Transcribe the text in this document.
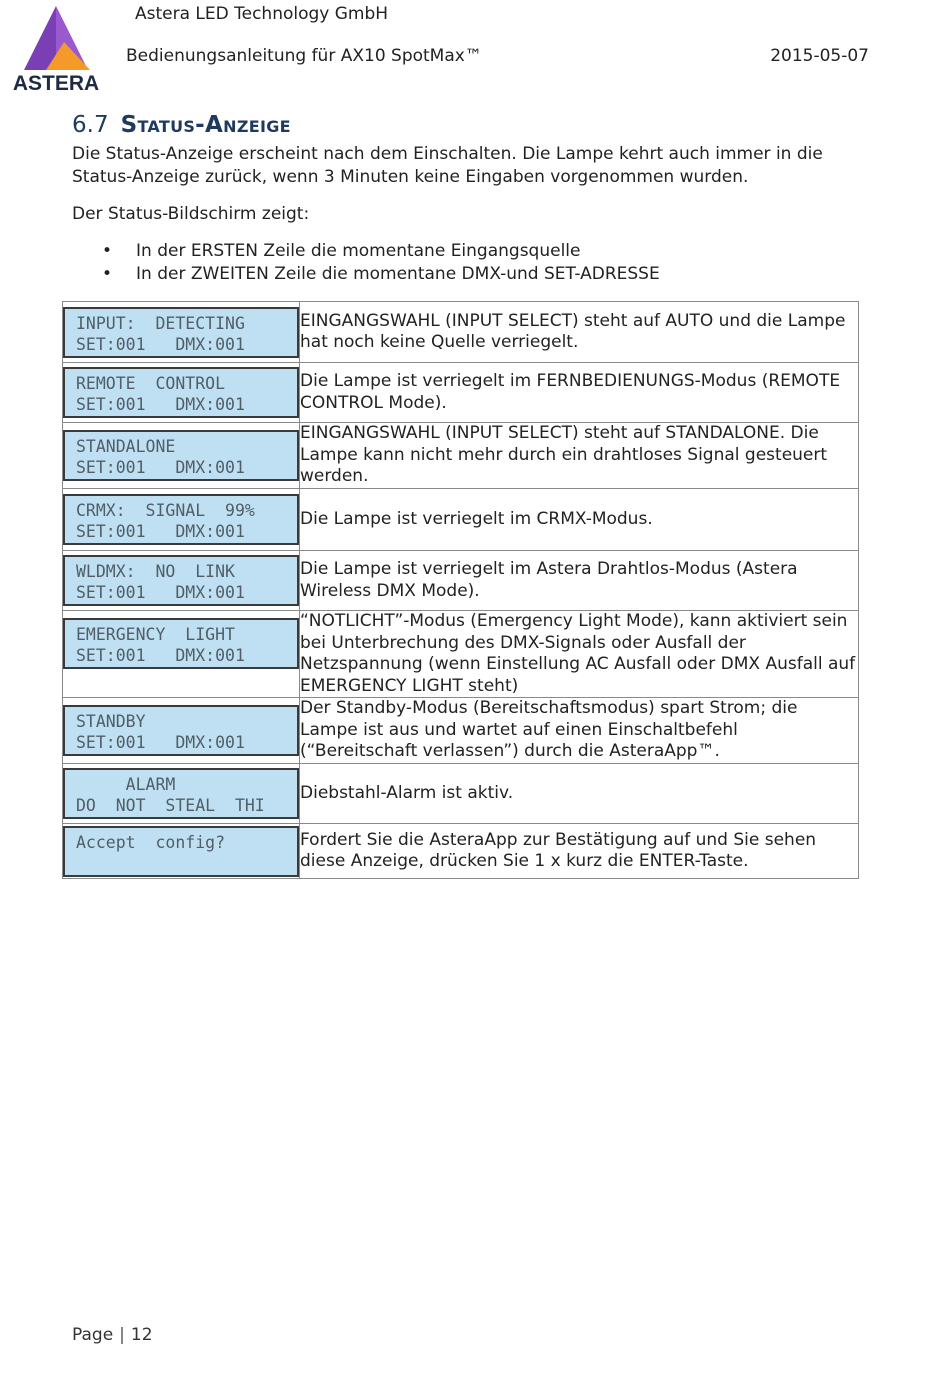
ASTERA
Astera LED Technology GmbH
Bedienungsanleitung für AX10 SpotMax™	2015-05-07
6.7 Status-Anzeige
Die Status-Anzeige erscheint nach dem Einschalten. Die Lampe kehrt auch immer in die Status-Anzeige zurück, wenn 3 Minuten keine Eingaben vorgenommen wurden.
Der Status-Bildschirm zeigt:
• In der ERSTEN Zeile die momentane Eingangsquelle
• In der ZWEITEN Zeile die momentane DMX-und SET-ADRESSE
INPUT:  DETECTING
SET:001   DMX:001	EINGANGSWAHL (INPUT SELECT) steht auf AUTO und die Lampe hat noch keine Quelle verriegelt.

REMOTE  CONTROL
SET:001   DMX:001	Die Lampe ist verriegelt im FERNBEDIENUNGS-Modus (REMOTE CONTROL Mode).

STANDALONE
SET:001   DMX:001	EINGANGSWAHL (INPUT SELECT) steht auf STANDALONE. Die Lampe kann nicht mehr durch ein drahtloses Signal gesteuert werden.

CRMX:  SIGNAL  99%
SET:001   DMX:001	Die Lampe ist verriegelt im CRMX-Modus.

WLDMX:  NO  LINK
SET:001   DMX:001	Die Lampe ist verriegelt im Astera Drahtlos-Modus (Astera Wireless DMX Mode).

EMERGENCY  LIGHT
SET:001   DMX:001	“NOTLICHT”-Modus (Emergency Light Mode), kann aktiviert sein bei Unterbrechung des DMX-Signals oder Ausfall der Netzspannung (wenn Einstellung AC Ausfall oder DMX Ausfall auf EMERGENCY LIGHT steht)

STANDBY
SET:001   DMX:001	Der Standby-Modus (Bereitschaftsmodus) spart Strom; die Lampe ist aus und wartet auf einen Einschaltbefehl (“Bereitschaft verlassen”) durch die AsteraApp™.

ALARM
DO  NOT  STEAL  THI	Diebstahl-Alarm ist aktiv.

Accept  config?	Fordert Sie die AsteraApp zur Bestätigung auf und Sie sehen diese Anzeige, drücken Sie 1 x kurz die ENTER-Taste.
Page | 12
